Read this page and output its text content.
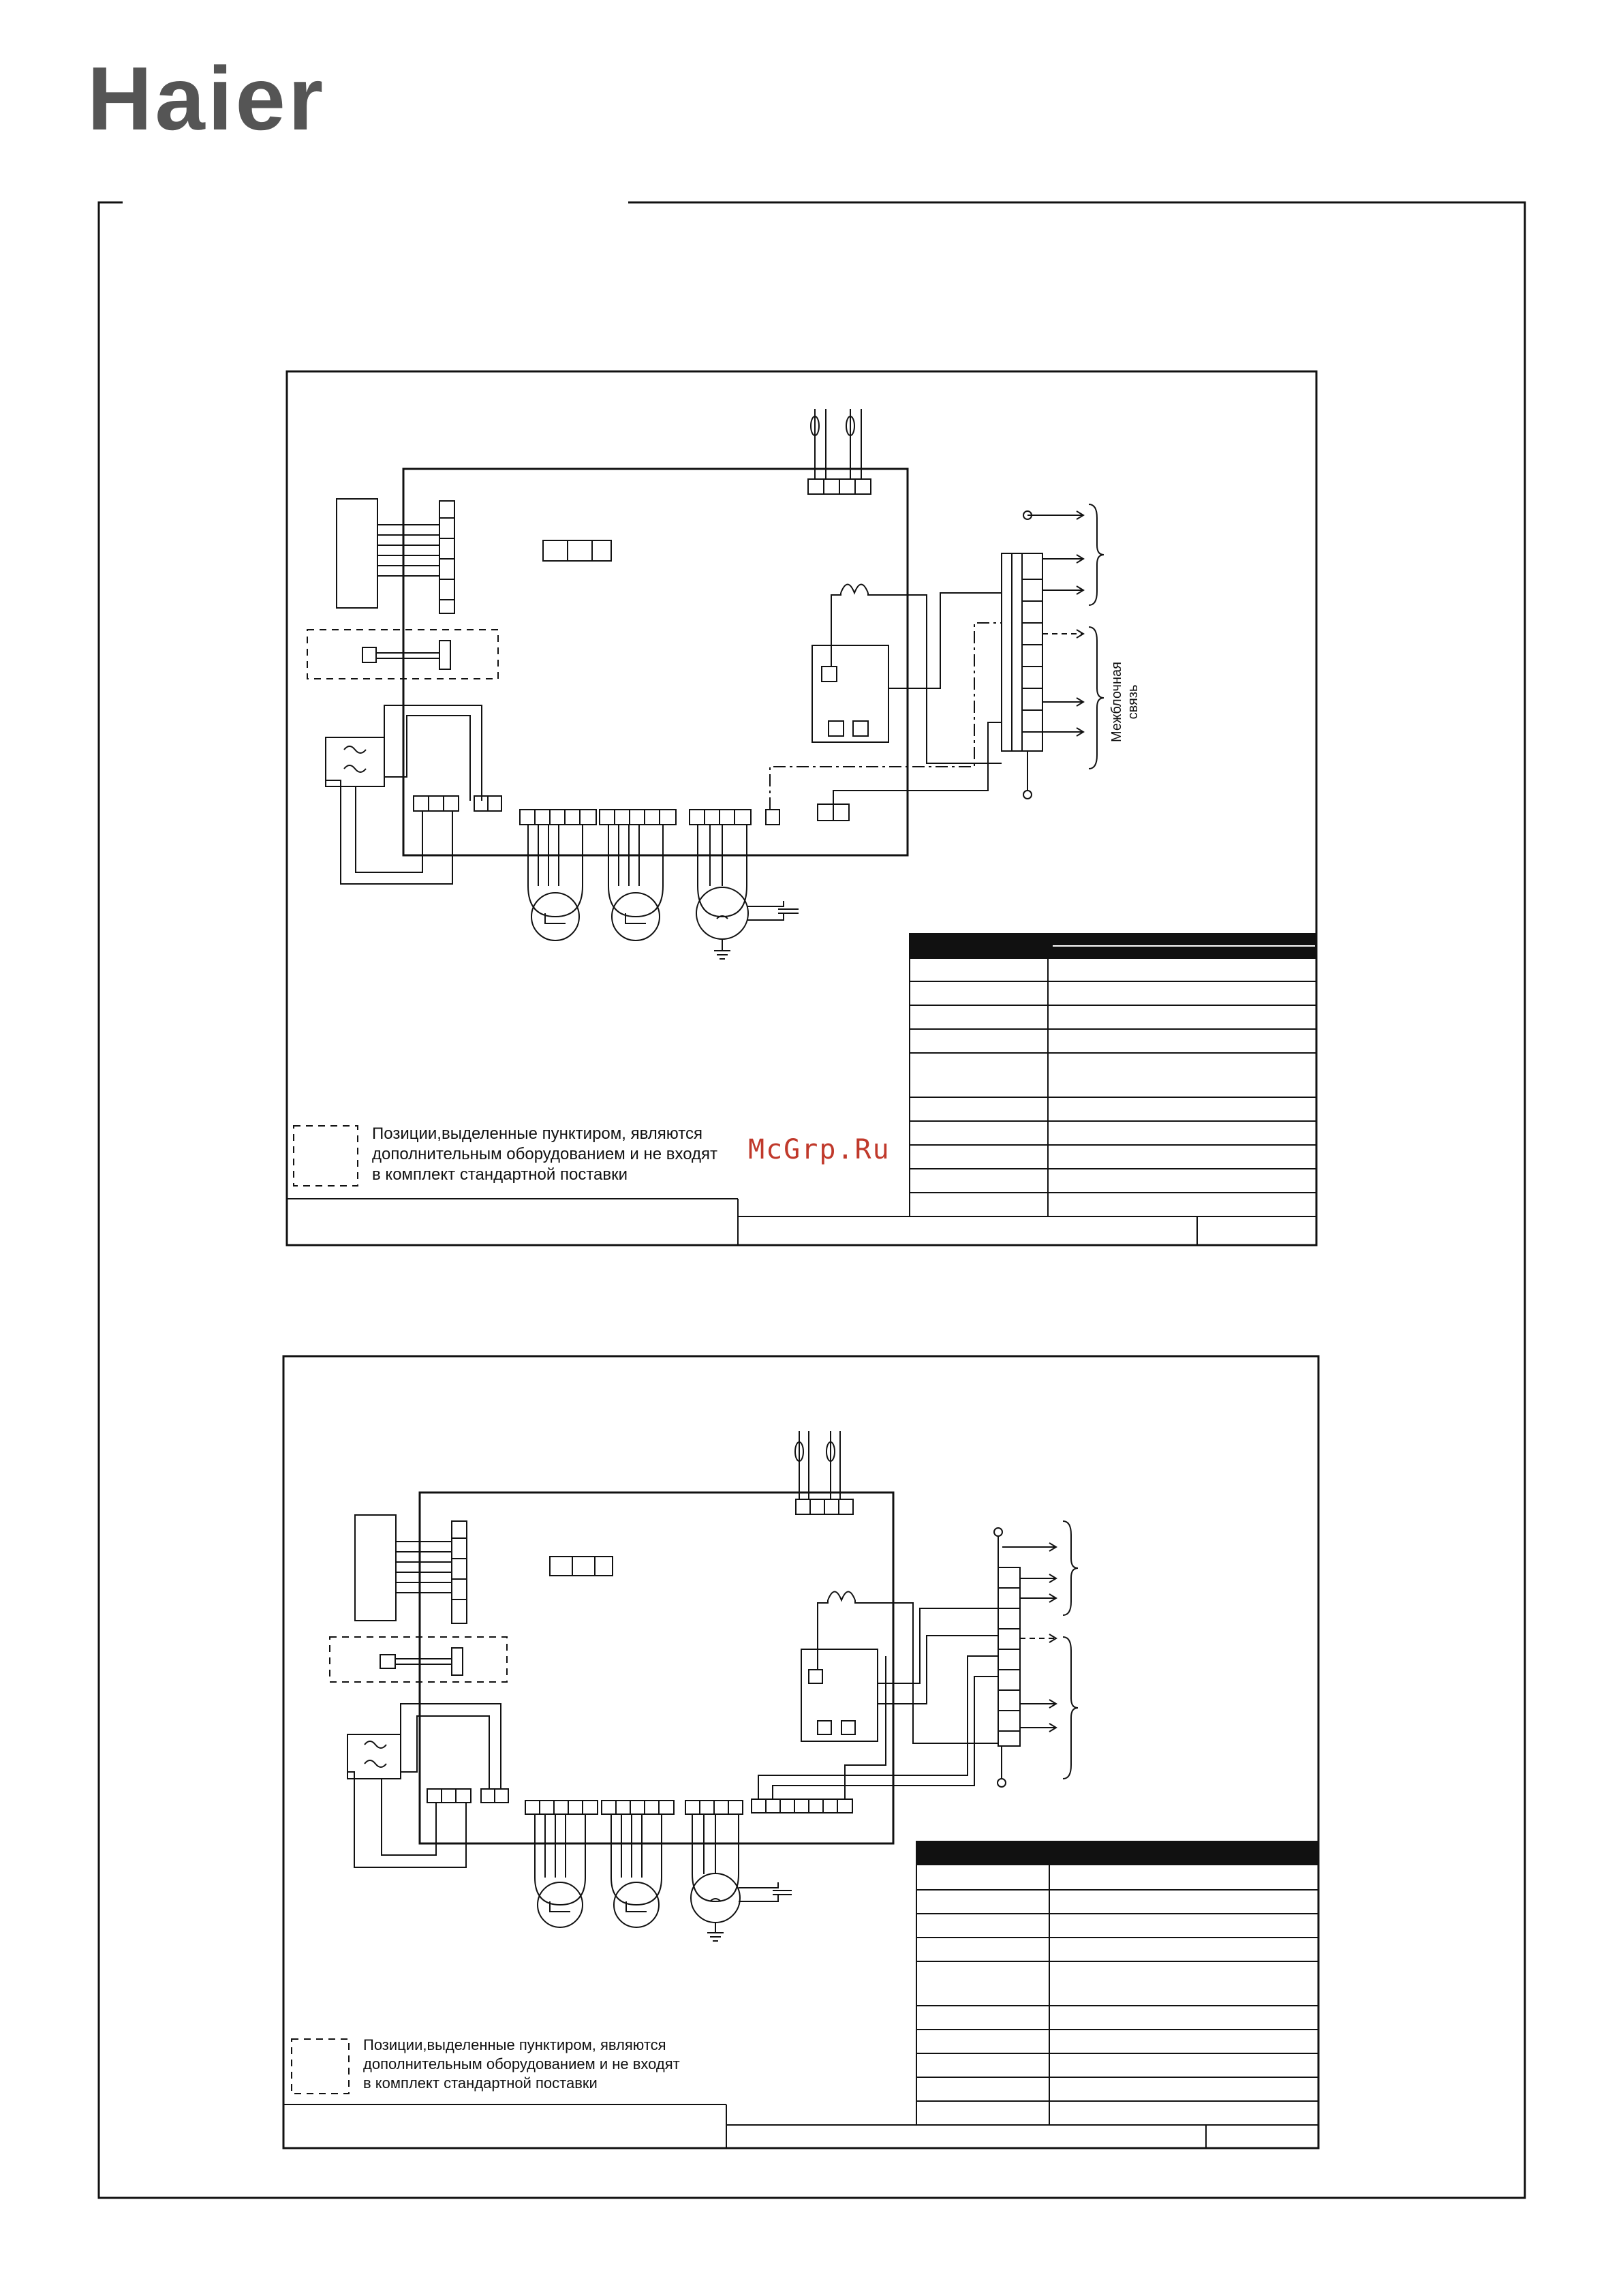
Haier
Межблочная связь
Позиции,выделенные пунктиром, являются
дополнительным оборудованием и не входят
в комплект стандартной поставки
McGrp.Ru
Позиции,выделенные пунктиром, являются
дополнительным оборудованием и не входят
в комплект стандартной поставки
